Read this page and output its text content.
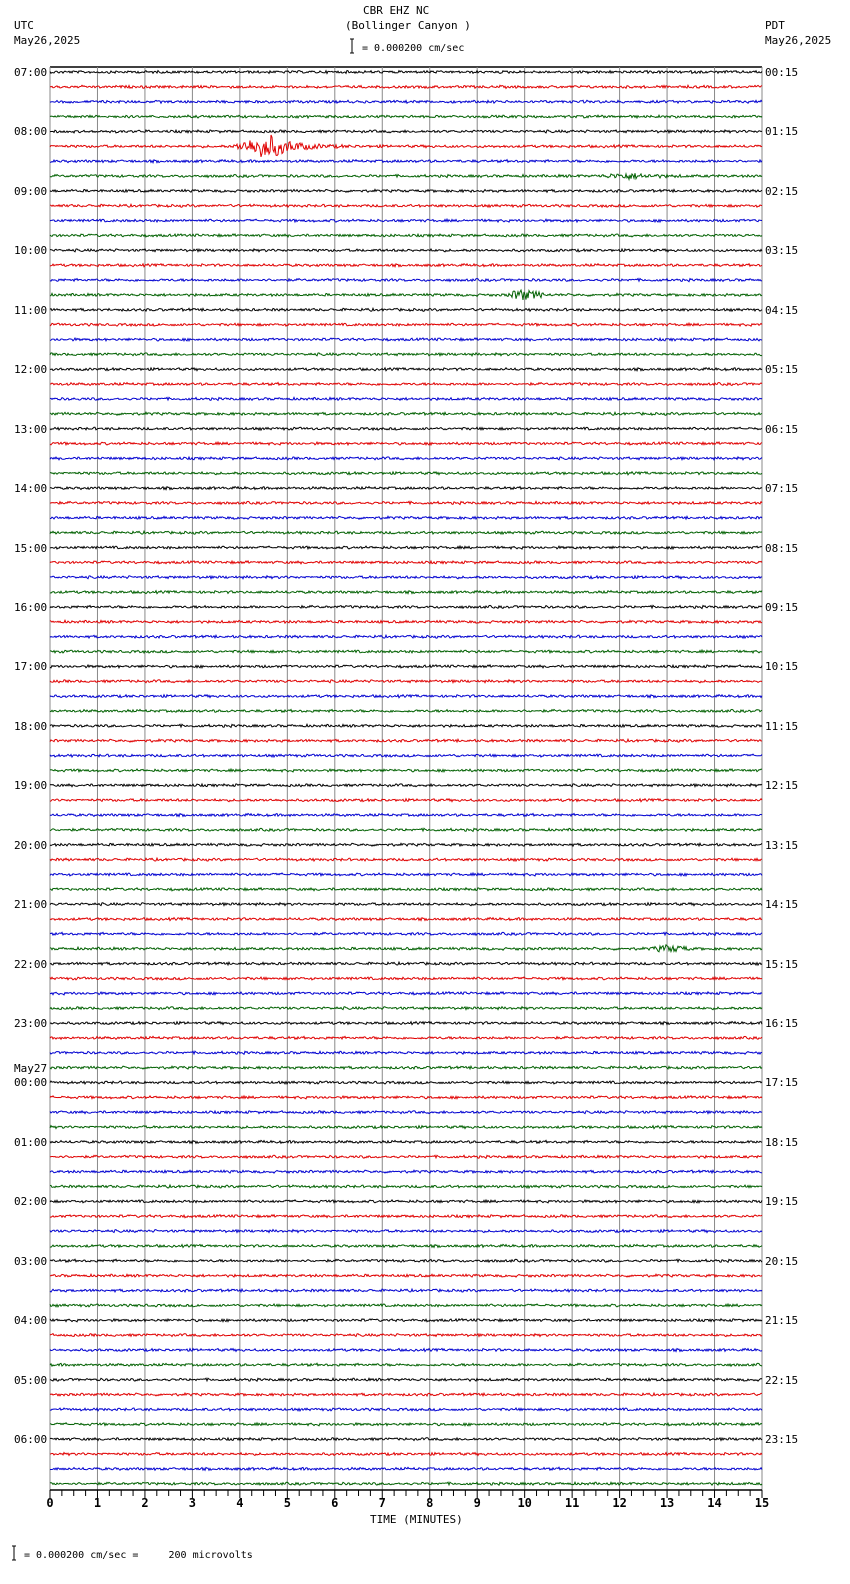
0	1	2	3	4	5	6	7	8	9	10	11	12	13	14	15
CBR EHZ NC
(Bollinger Canyon )
UTC
May26,2025
PDT
May26,2025
= 0.000200 cm/sec
TIME (MINUTES)
= 0.000200 cm/sec =     200 microvolts
07:00
08:00
09:00
10:00
11:00
12:00
13:00
14:00
15:00
16:00
17:00
18:00
19:00
20:00
21:00
22:00
23:00
00:00
May27
01:00
02:00
03:00
04:00
05:00
06:00
00:15
01:15
02:15
03:15
04:15
05:15
06:15
07:15
08:15
09:15
10:15
11:15
12:15
13:15
14:15
15:15
16:15
17:15
18:15
19:15
20:15
21:15
22:15
23:15
